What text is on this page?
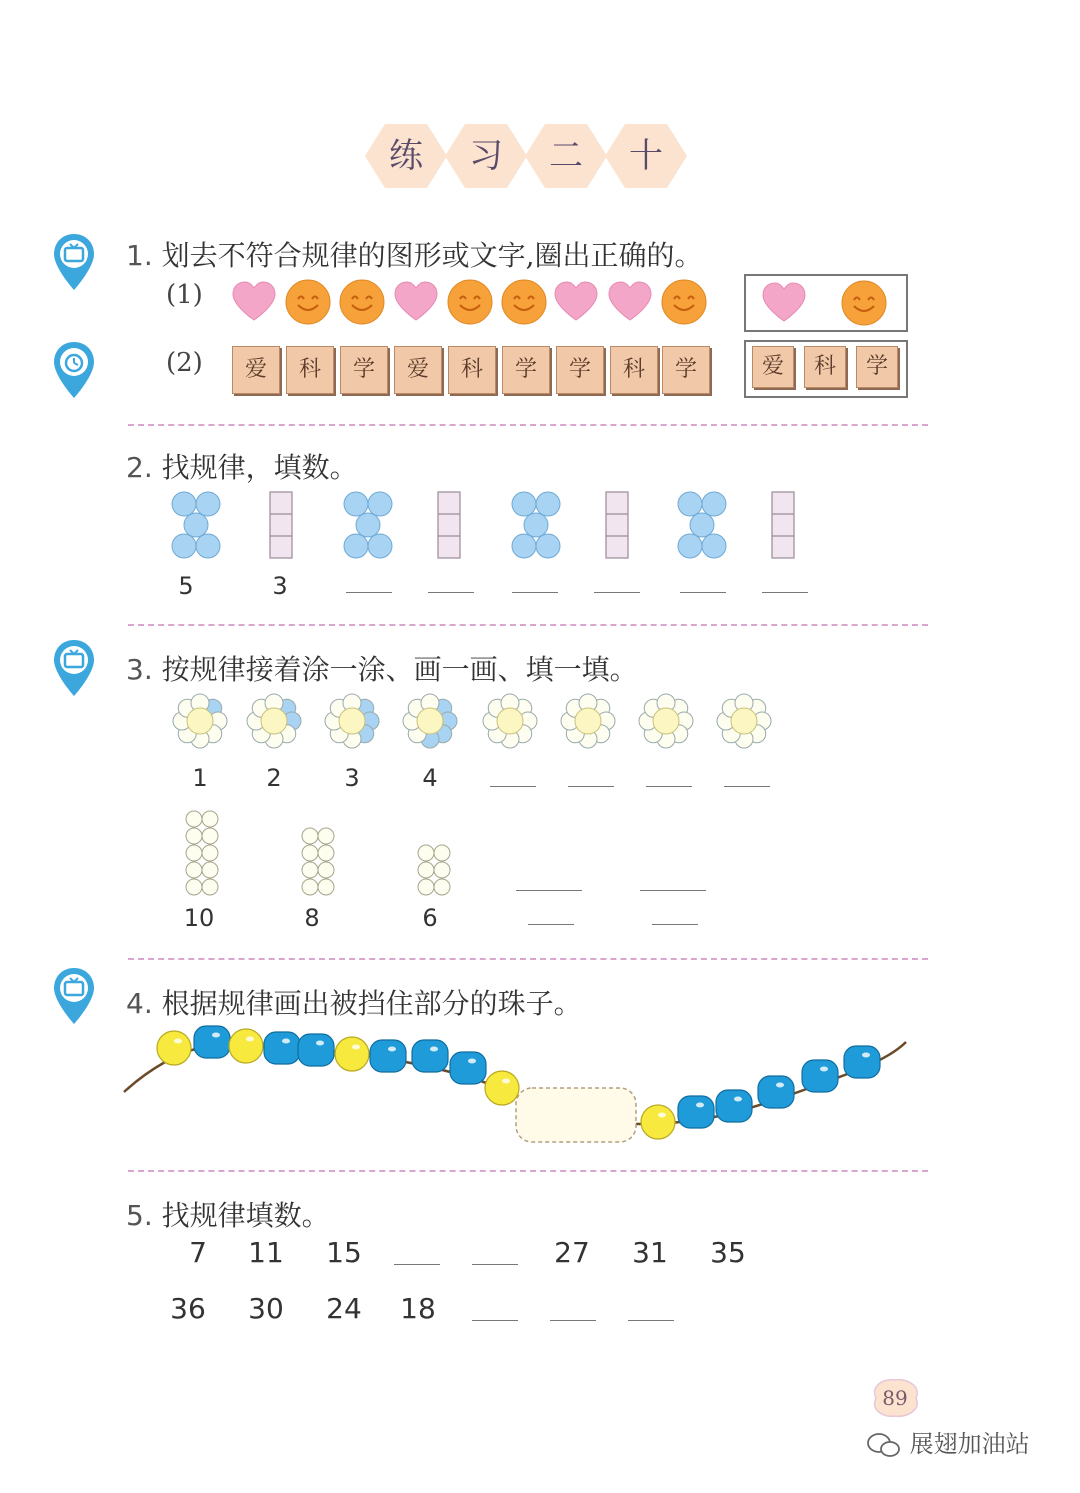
练	习	二	十
1. 划去不符合规律的图形或文字,圈出正确的。
(1)
(2)	爱	科	学	爱	科	学	学	科	学	爱	科	学
2. 找规律，填数。
5	3
3. 按规律接着涂一涂、画一画、填一填。
1	2	3	4
10	8	6
4. 根据规律画出被挡住部分的珠子。
5. 找规律填数。
7	11 15	27 31 35
36 30 24 18
89
展翅加油站
